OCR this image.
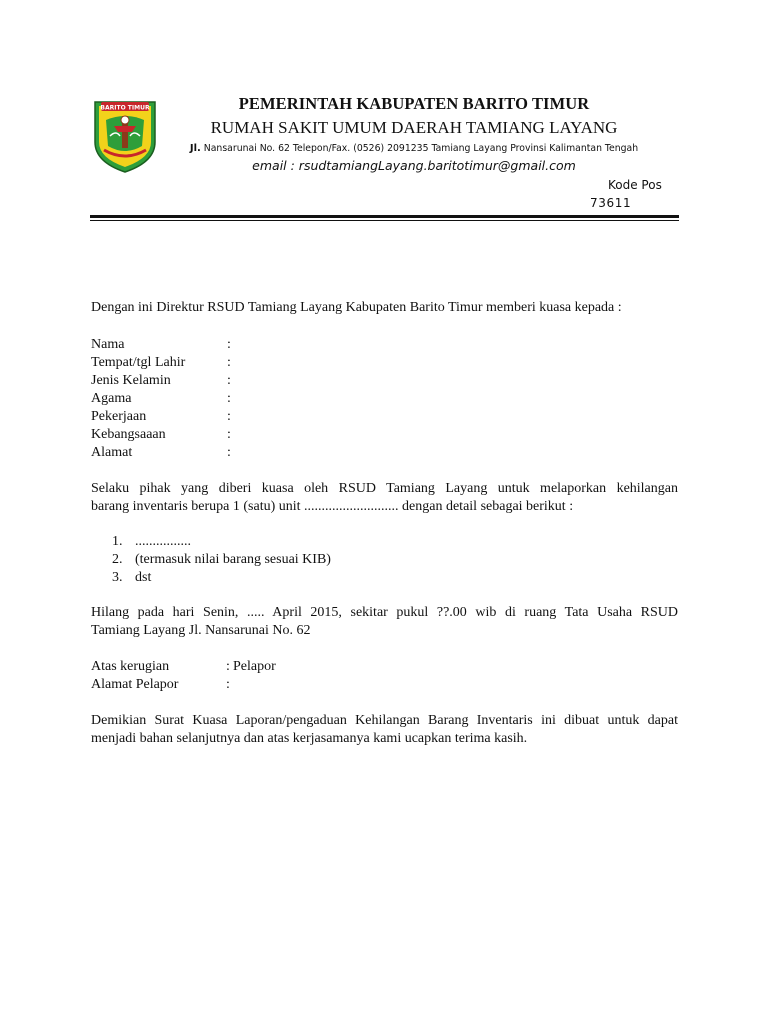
BARITO TIMUR	PEMERINTAH KABUPATEN BARITO TIMUR
RUMAH SAKIT UMUM DAERAH TAMIANG LAYANG
Jl. Nansarunai No. 62 Telepon/Fax. (0526) 2091235 Tamiang Layang Provinsi Kalimantan Tengah
email : rsudtamiangLayang.baritotimur@gmail.com
Kode Pos
73611
Dengan ini Direktur RSUD Tamiang Layang Kabupaten Barito Timur memberi kuasa kepada :
Nama	:
Tempat/tgl Lahir	:
Jenis Kelamin	:
Agama	:
Pekerjaan	:
Kebangsaaan	:
Alamat	:
Selaku pihak yang diberi kuasa oleh RSUD Tamiang Layang untuk melaporkan kehilangan
barang inventaris berupa 1 (satu) unit ........................... dengan detail sebagai berikut :
1. ................
2. (termasuk nilai barang sesuai KIB)
3. dst
Hilang pada hari Senin, ..... April 2015, sekitar pukul ??.00 wib di ruang Tata Usaha RSUD
Tamiang Layang Jl. Nansarunai No. 62
Atas kerugian	: Pelapor
Alamat Pelapor	:
Demikian Surat Kuasa Laporan/pengaduan Kehilangan Barang Inventaris ini dibuat untuk dapat
menjadi bahan selanjutnya dan atas kerjasamanya kami ucapkan terima kasih.
